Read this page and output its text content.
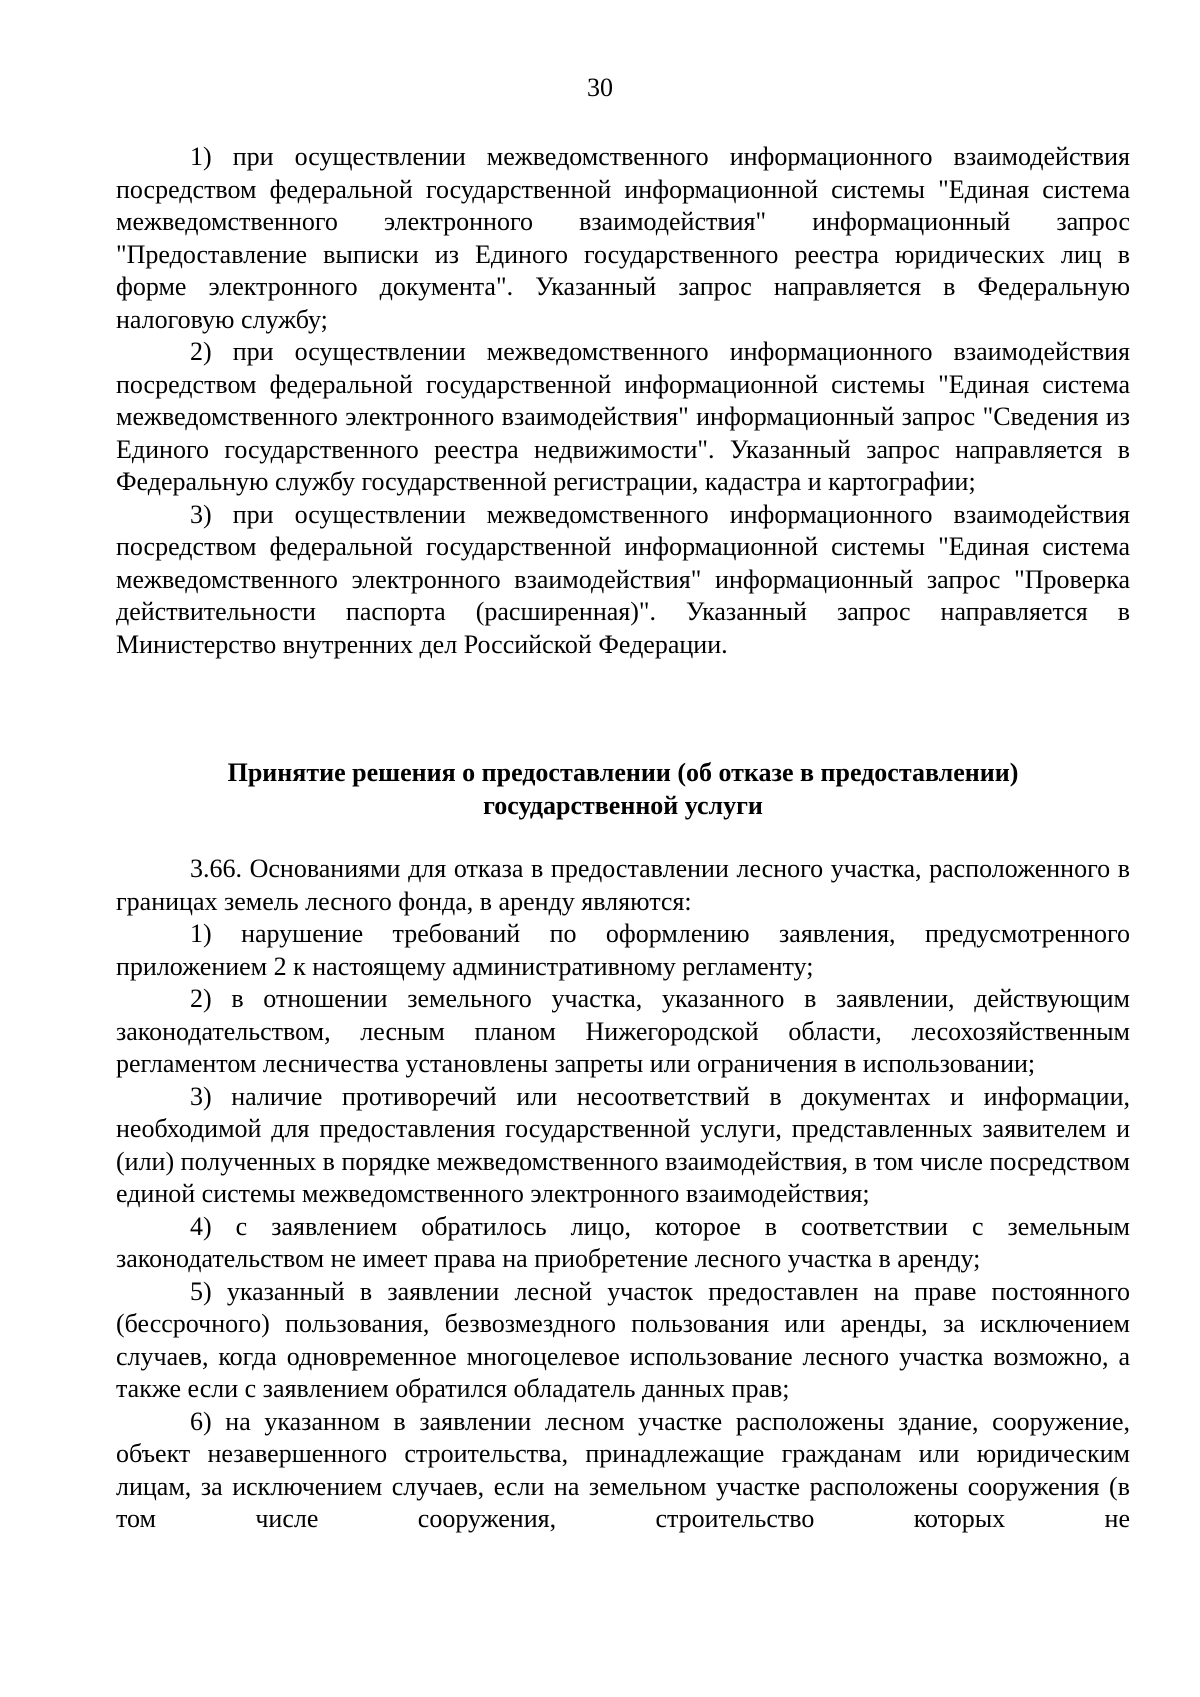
30

1) при осуществлении межведомственного информационного взаимодействия посредством федеральной государственной информационной системы "Единая система межведомственного электронного взаимодействия" информационный запрос "Предоставление выписки из Единого государственного реестра юридических лиц в форме электронного документа". Указанный запрос направляется в Федеральную налоговую службу;

2) при осуществлении межведомственного информационного взаимодействия посредством федеральной государственной информационной системы "Единая система межведомственного электронного взаимодействия" информационный запрос "Сведения из Единого государственного реестра недвижимости". Указанный запрос направляется в Федеральную службу государственной регистрации, кадастра и картографии;

3) при осуществлении межведомственного информационного взаимодействия посредством федеральной государственной информационной системы "Единая система межведомственного электронного взаимодействия" информационный запрос "Проверка действительности паспорта (расширенная)". Указанный запрос направляется в Министерство внутренних дел Российской Федерации.

Принятие решения о предоставлении (об отказе в предоставлении)
государственной услуги

3.66. Основаниями для отказа в предоставлении лесного участка, расположенного в границах земель лесного фонда, в аренду являются:

1) нарушение требований по оформлению заявления, предусмотренного приложением 2 к настоящему административному регламенту;

2) в отношении земельного участка, указанного в заявлении, действующим законодательством, лесным планом Нижегородской области, лесохозяйственным регламентом лесничества установлены запреты или ограничения в использовании;

3) наличие противоречий или несоответствий в документах и информации, необходимой для предоставления государственной услуги, представленных заявителем и (или) полученных в порядке межведомственного взаимодействия, в том числе посредством единой системы межведомственного электронного взаимодействия;

4) с заявлением обратилось лицо, которое в соответствии с земельным законодательством не имеет права на приобретение лесного участка в аренду;

5) указанный в заявлении лесной участок предоставлен на праве постоянного (бессрочного) пользования, безвозмездного пользования или аренды, за исключением случаев, когда одновременное многоцелевое использование лесного участка возможно, а также если с заявлением обратился обладатель данных прав;

6) на указанном в заявлении лесном участке расположены здание, сооружение, объект незавершенного строительства, принадлежащие гражданам или юридическим лицам, за исключением случаев, если на земельном участке расположены сооружения (в том числе сооружения, строительство которых не
